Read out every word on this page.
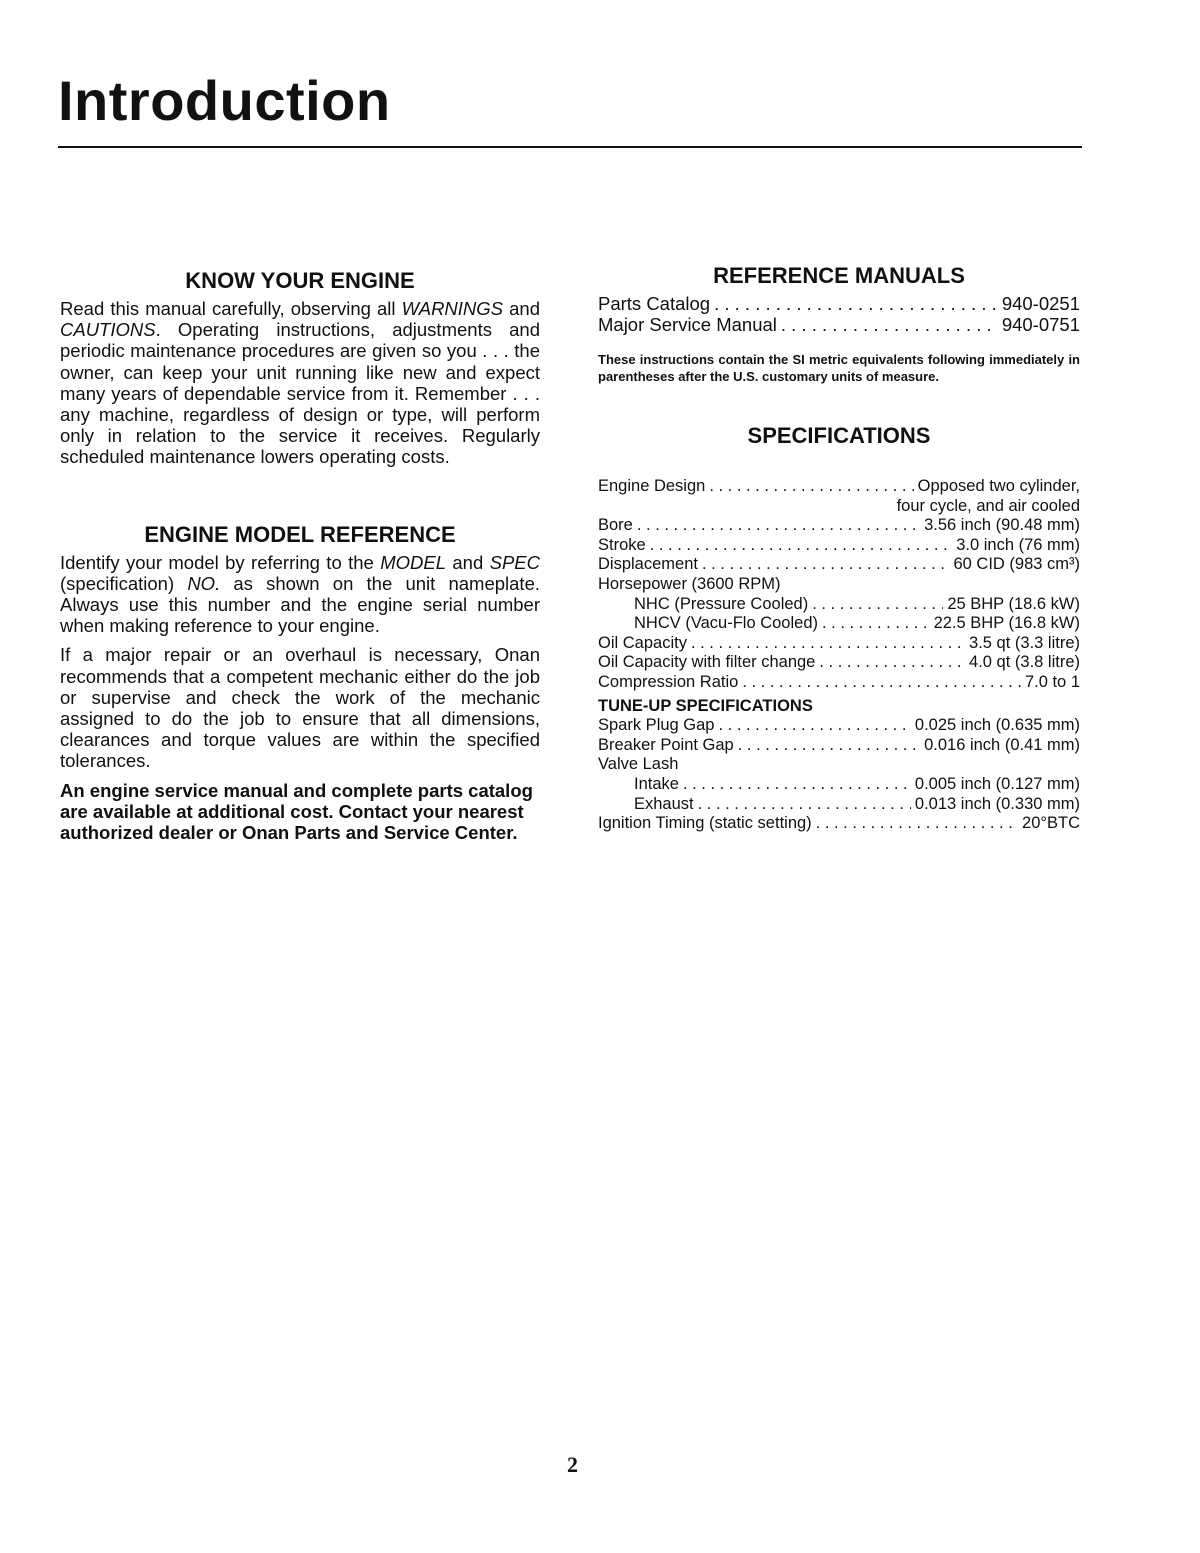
Introduction
KNOW YOUR ENGINE

Read this manual carefully, observing all WARNINGS and CAUTIONS. Operating instructions, adjustments and periodic maintenance procedures are given so you . . . the owner, can keep your unit running like new and expect many years of dependable service from it. Remember . . . any machine, regardless of design or type, will perform only in relation to the service it receives. Regularly scheduled maintenance lowers operating costs.

ENGINE MODEL REFERENCE

Identify your model by referring to the MODEL and SPEC (specification) NO. as shown on the unit nameplate. Always use this number and the engine serial number when making reference to your engine.

If a major repair or an overhaul is necessary, Onan recommends that a competent mechanic either do the job or supervise and check the work of the mechanic assigned to do the job to ensure that all dimensions, clearances and torque values are within the specified tolerances.

An engine service manual and complete parts catalog are available at additional cost. Contact your nearest authorized dealer or Onan Parts and Service Center.

REFERENCE MANUALS
Parts Catalog . . .	940-0251
Major Service Manual . . .	940-0751

These instructions contain the SI metric equivalents following immediately in parentheses after the U.S. customary units of measure.

SPECIFICATIONS
Engine Design . . .	Opposed two cylinder,
four cycle, and air cooled
Bore . . .	3.56 inch (90.48 mm)
Stroke . . .	3.0 inch (76 mm)
Displacement . . .	60 CID (983 cm³)
Horsepower (3600 RPM)
NHC (Pressure Cooled) . . .	25 BHP (18.6 kW)
NHCV (Vacu-Flo Cooled) . . .	22.5 BHP (16.8 kW)
Oil Capacity . . .	3.5 qt (3.3 litre)
Oil Capacity with filter change . . .	4.0 qt (3.8 litre)
Compression Ratio . . .	7.0 to 1
TUNE-UP SPECIFICATIONS
Spark Plug Gap . . .	0.025 inch (0.635 mm)
Breaker Point Gap . . .	0.016 inch (0.41 mm)
Valve Lash
Intake . . .	0.005 inch (0.127 mm)
Exhaust . . .	0.013 inch (0.330 mm)
Ignition Timing (static setting) . . .	20°BTC
2
